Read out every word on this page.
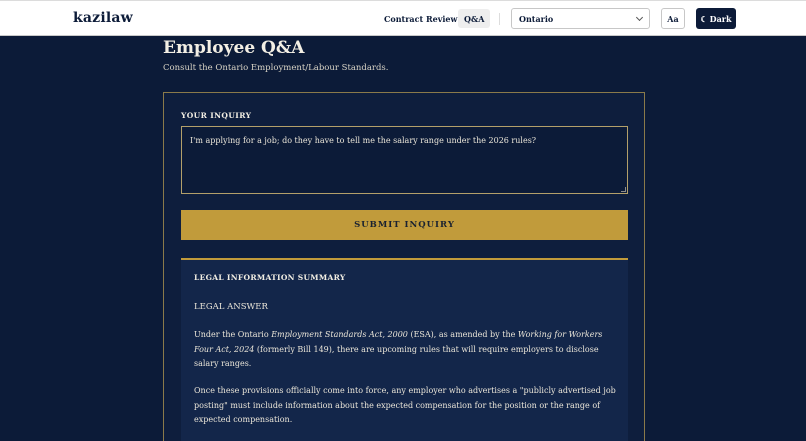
kazilaw	Contract Review Q&A	Ontario	Aa	☾ Dark
Employee Q&A
Consult the Ontario Employment/Labour Standards.
YOUR INQUIRY
I'm applying for a job; do they have to tell me the salary range under the 2026 rules?
SUBMIT INQUIRY
LEGAL INFORMATION SUMMARY
LEGAL ANSWER
Under the Ontario Employment Standards Act, 2000 (ESA), as amended by the Working for Workers Four Act, 2024 (formerly Bill 149), there are upcoming rules that will require employers to disclose salary ranges.
Once these provisions officially come into force, any employer who advertises a "publicly advertised job posting" must include information about the expected compensation for the position or the range of expected compensation.
